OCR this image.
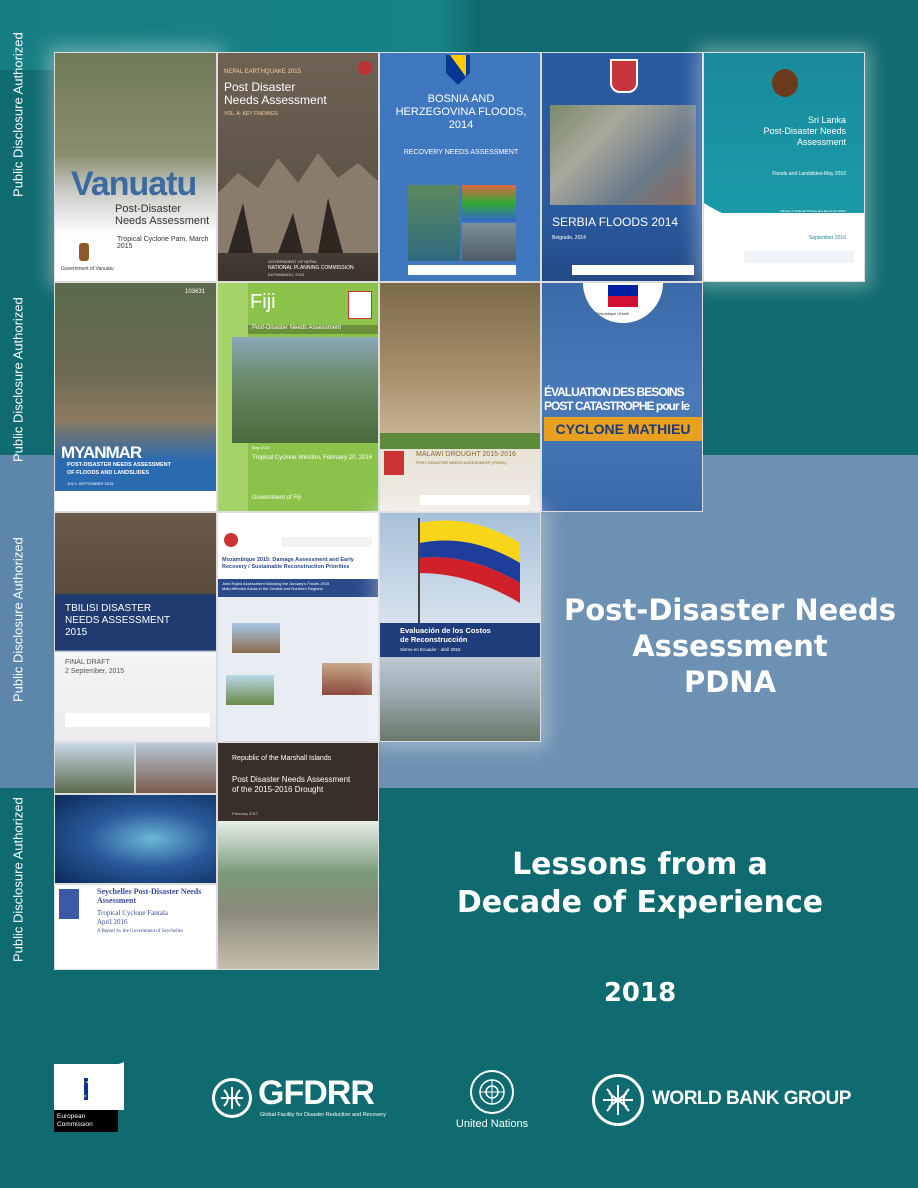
Public Disclosure Authorized
Public Disclosure Authorized
Public Disclosure Authorized
Public Disclosure Authorized
Vanuatu
Post-Disaster
Needs Assessment
Tropical Cyclone Pam, March 2015
Government of Vanuatu
NEPAL EARTHQUAKE 2015
Post Disaster
Needs Assessment
VOL. A: KEY FINDINGS
GOVERNMENT OF NEPAL
NATIONAL PLANNING COMMISSION
KATHMANDU, 2015
BOSNIA AND
HERZEGOVINA FLOODS,
2014
RECOVERY NEEDS ASSESSMENT
SERBIA FLOODS 2014
Belgrade, 2014
Sri Lanka
Post-Disaster Needs
Assessment
Floods and Landslides-May 2016
Ministry of National Policies and Economic Affairs
Ministry of Disaster Management
September 2016
103631
MYANMAR
POST-DISASTER NEEDS ASSESSMENT
OF FLOODS AND LANDSLIDES
JULY–SEPTEMBER 2015
Fiji
Post-Disaster Needs Assessment
May 2016
Tropical Cyclone Winston, February 20, 2016
Government of Fiji
MALAWI DROUGHT 2015-2016
POST-DISASTER NEEDS ASSESSMENT (PDNA)
République d'Haïti
ÉVALUATION DES BESOINS
POST CATASTROPHE pour le
CYCLONE MATHIEU
TBILISI DISASTER
NEEDS ASSESSMENT
2015
FINAL DRAFT
2 September, 2015
Mozambique 2015: Damage Assessment and Early
Recovery / Sustainable Reconstruction Priorities
Joint Rapid Assessment following the January's Floods 2015
Main Affected Areas in the Central and Northern Regions
Evaluación de los Costos
de Reconstrucción
Sismo en Ecuador · abril 2016
Seychelles Post-Disaster Needs
Assessment
Tropical Cyclone Fantala
April 2016
A Report by the Government of Seychelles
Republic of the Marshall Islands
Post Disaster Needs Assessment
of the 2015-2016 Drought
February 2017
Post-Disaster Needs
Assessment
PDNA
Lessons from a
Decade of Experience
2018
European
Commission
GFDRR
Global Facility for Disaster Reduction and Recovery
United Nations
WORLD BANK GROUP
